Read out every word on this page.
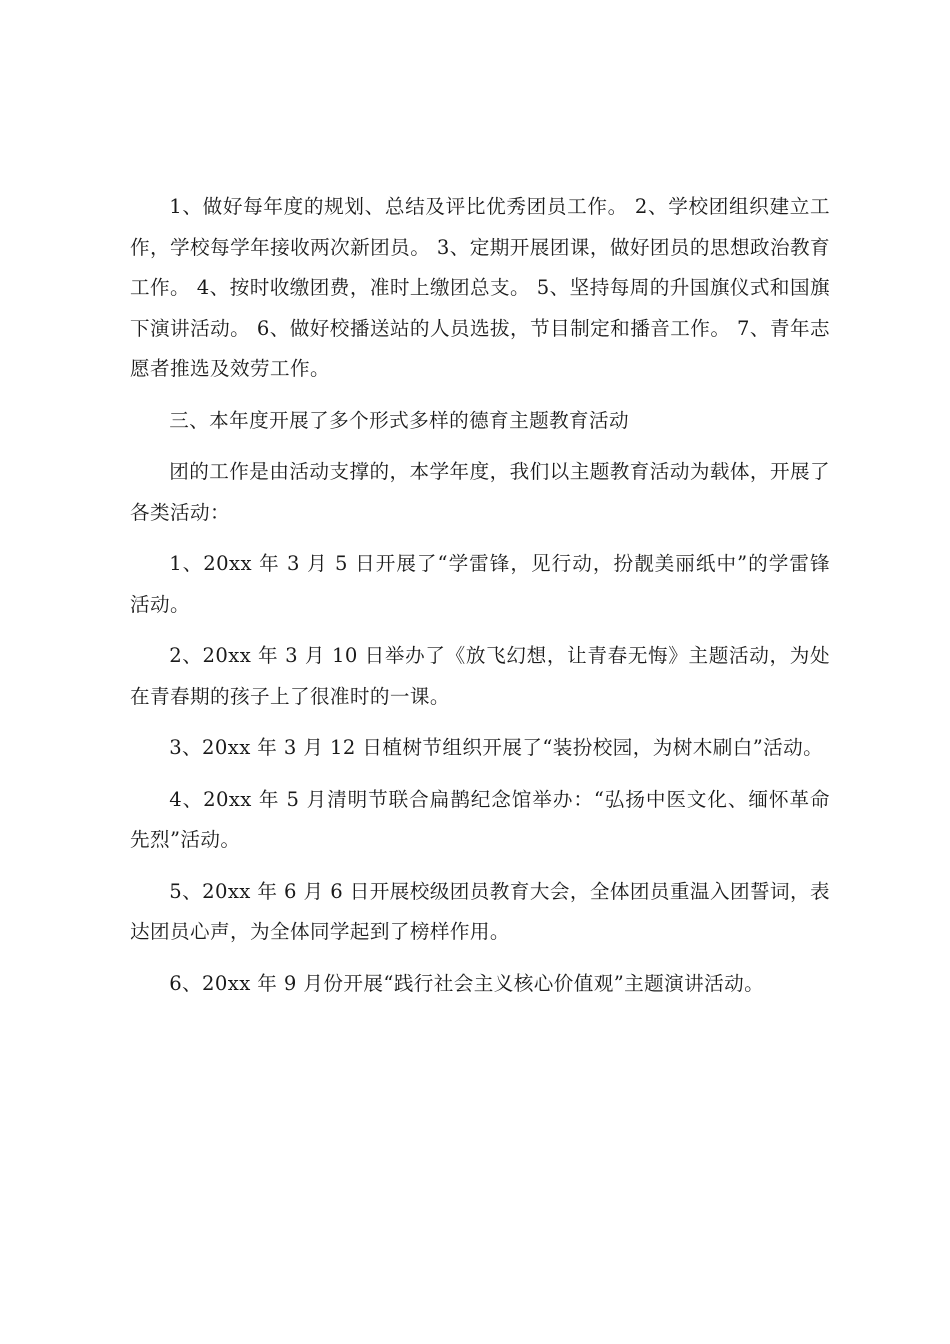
1、做好每年度的规划、总结及评比优秀团员工作。 2、学校团组织建立工作，学校每学年接收两次新团员。 3、定期开展团课，做好团员的思想政治教育工作。 4、按时收缴团费，准时上缴团总支。 5、坚持每周的升国旗仪式和国旗下演讲活动。 6、做好校播送站的人员选拔，节目制定和播音工作。 7、青年志愿者推选及效劳工作。

三、本年度开展了多个形式多样的德育主题教育活动

团的工作是由活动支撑的，本学年度，我们以主题教育活动为载体，开展了各类活动：

1、20xx 年 3 月 5 日开展了“学雷锋，见行动，扮靓美丽纸中”的学雷锋活动。

2、20xx 年 3 月 10 日举办了《放飞幻想，让青春无悔》主题活动，为处在青春期的孩子上了很准时的一课。

3、20xx 年 3 月 12 日植树节组织开展了“装扮校园，为树木刷白”活动。

4、20xx 年 5 月清明节联合扁鹊纪念馆举办：“弘扬中医文化、缅怀革命先烈”活动。

5、20xx 年 6 月 6 日开展校级团员教育大会，全体团员重温入团誓词，表达团员心声，为全体同学起到了榜样作用。

6、20xx 年 9 月份开展“践行社会主义核心价值观”主题演讲活动。
